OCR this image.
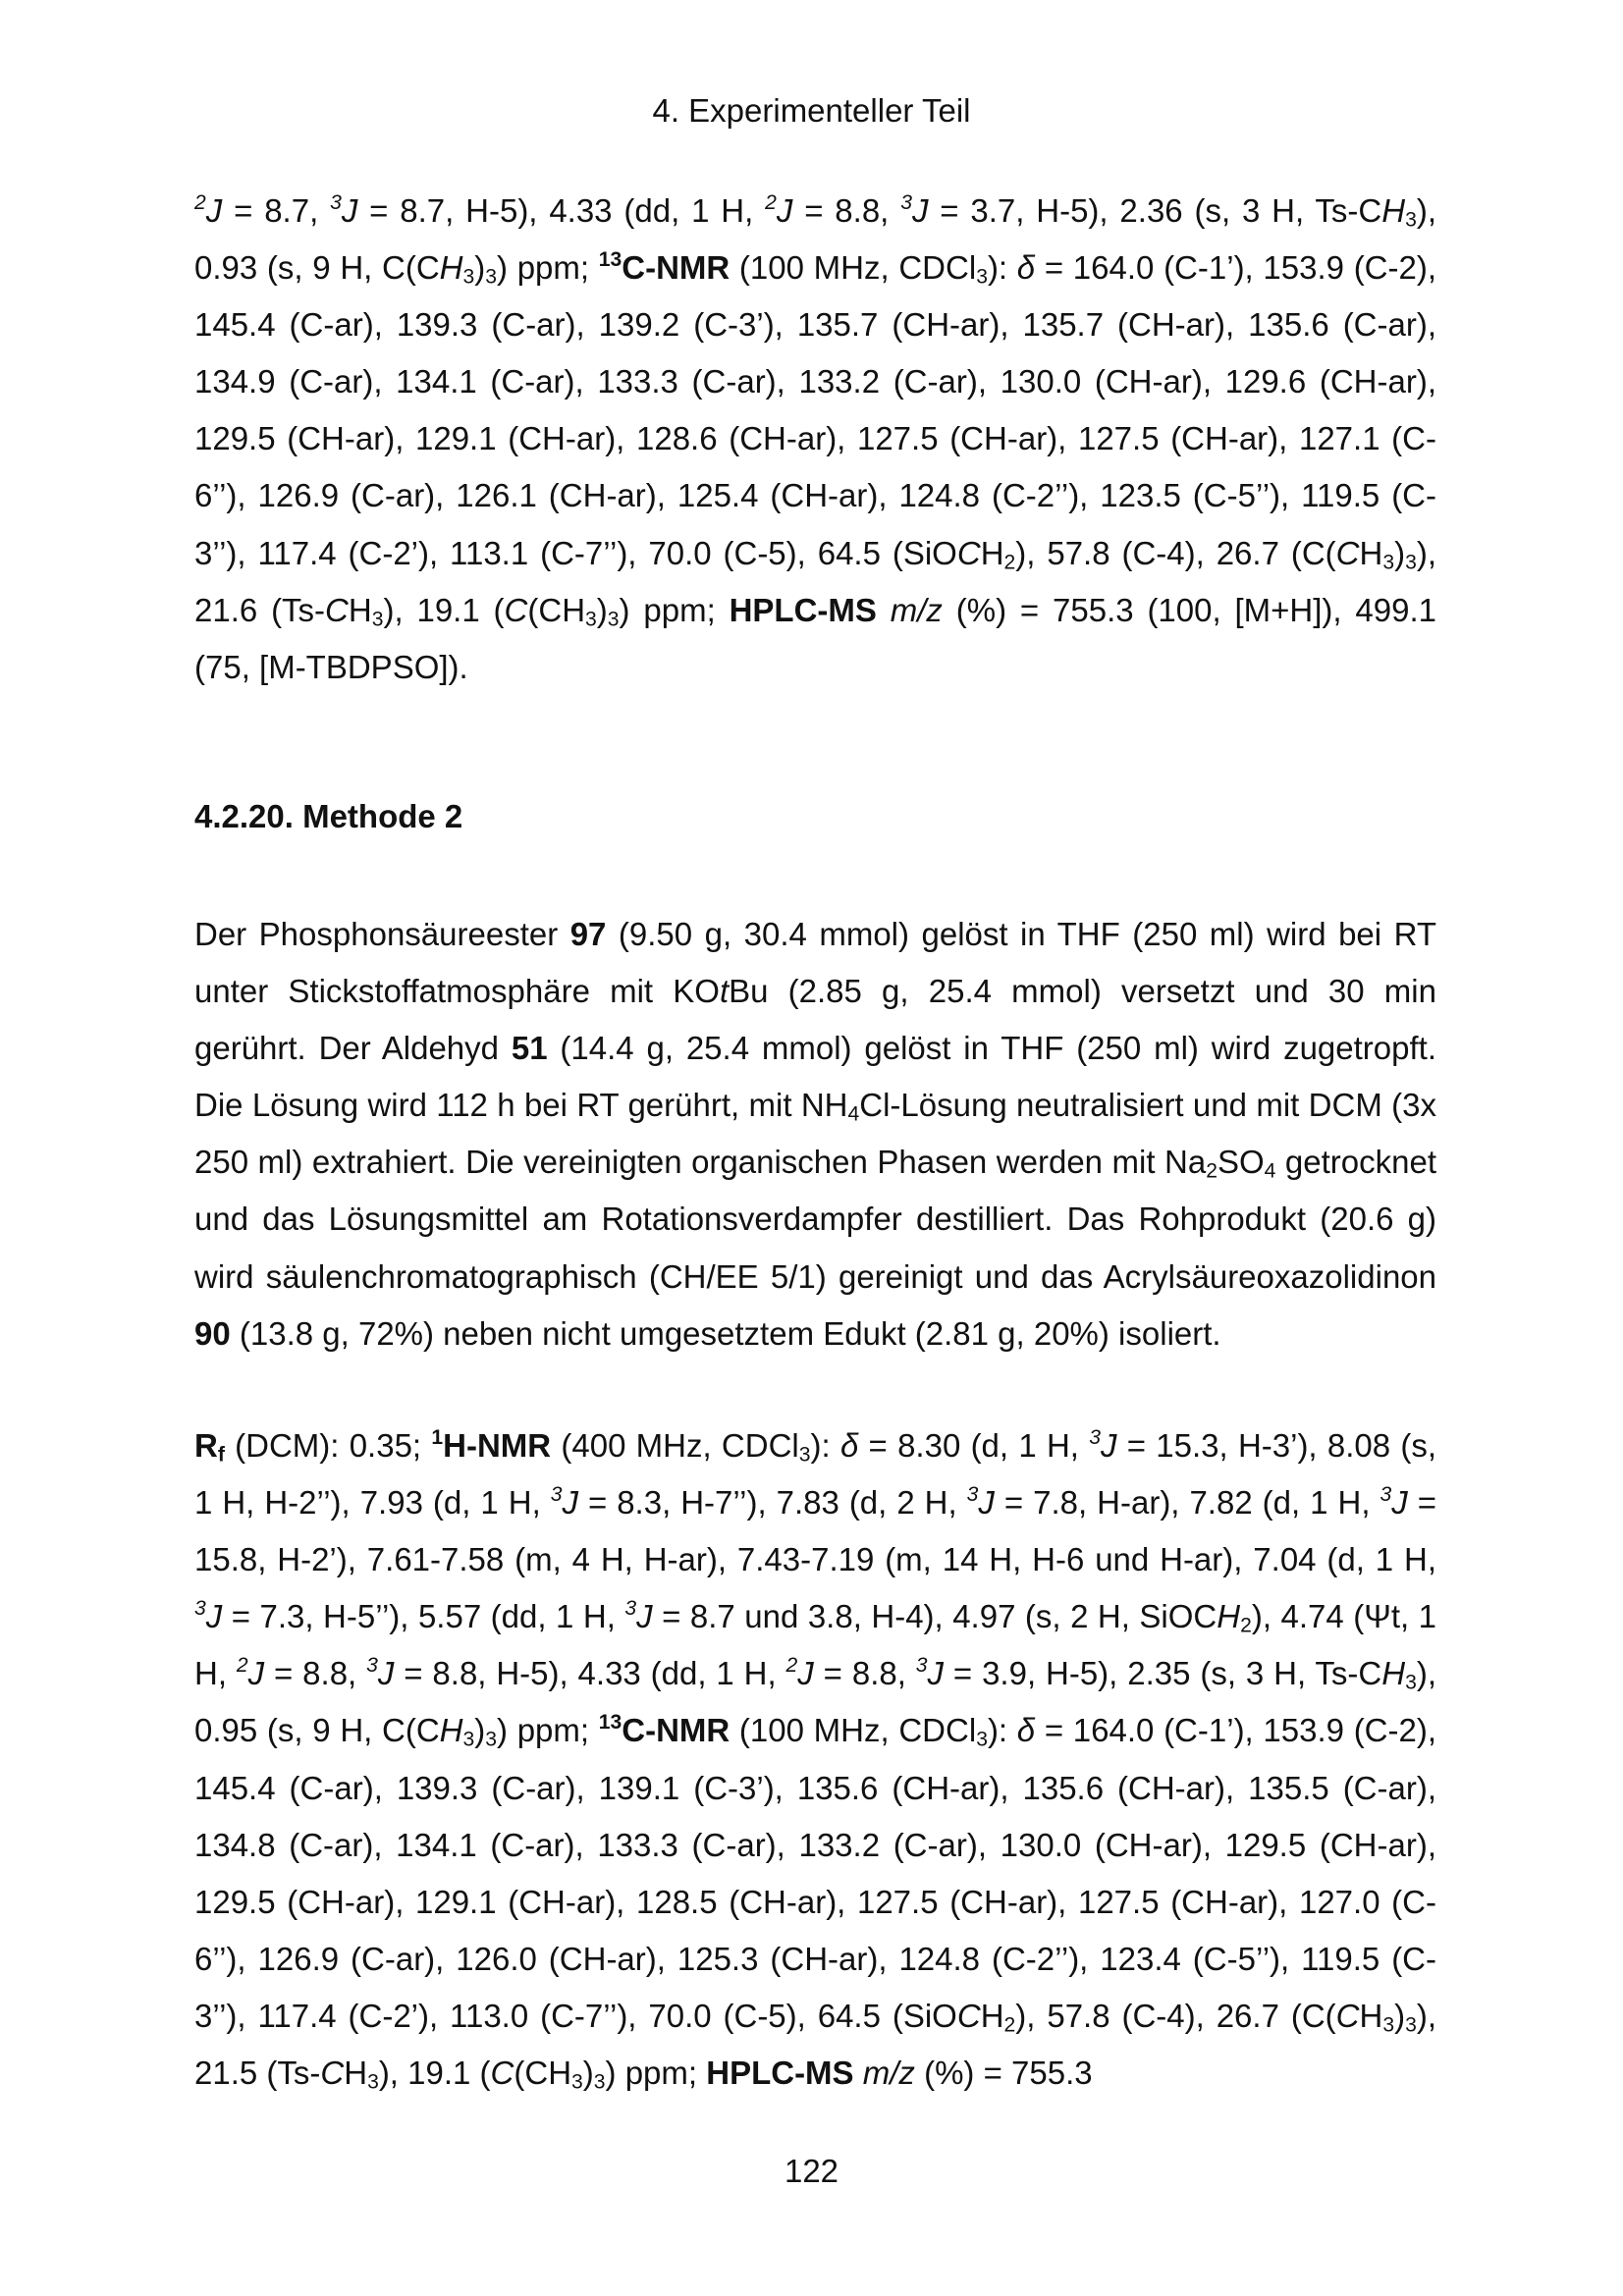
4. Experimenteller Teil

$^2$J = 8.7, $^3$J = 8.7, H-5), 4.33 (dd, 1 H, $^2$J = 8.8, $^3$J = 3.7, H-5), 2.36 (s, 3 H, $Ts-CH_3$), 0.93 (s, 9 H, $C(CH_3)_3$) ppm; $^{13}$C-NMR (100 MHz, CDCl$_3$): δ = 164.0 (C-1’), 153.9 (C-2), 145.4 (C-ar), 139.3 (C-ar), 139.2 (C-3’), 135.7 (CH-ar), 135.7 (CH-ar), 135.6 (C-ar), 134.9 (C-ar), 134.1 (C-ar), 133.3 (C-ar), 133.2 (C-ar), 130.0 (CH-ar), 129.6 (CH-ar), 129.5 (CH-ar), 129.1 (CH-ar), 128.6 (CH-ar), 127.5 (CH-ar), 127.5 (CH-ar), 127.1 (C-6’’), 126.9 (C-ar), 126.1 (CH-ar), 125.4 (CH-ar), 124.8 (C-2’’), 123.5 (C-5’’), 119.5 (C-3’’), 117.4 (C-2’), 113.1 (C-7’’), 70.0 (C-5), 64.5 (SiOCH$_2$), 57.8 (C-4), 26.7 $(C(CH_3)_3)$, 21.6 $(Ts-CH_3)$, 19.1 $(C(CH_3)_3)$ ppm; HPLC-MS m/z (%) = 755.3 (100, [M+H]), 499.1 (75, [M-TBDPSO]).

4.2.20. Methode 2

Der Phosphonsäureester 97 (9.50 g, 30.4 mmol) gelöst in THF (250 ml) wird bei RT unter Stickstoffatmosphäre mit KOtBu (2.85 g, 25.4 mmol) versetzt und 30 min gerührt. Der Aldehyd 51 (14.4 g, 25.4 mmol) gelöst in THF (250 ml) wird zugetropft. Die Lösung wird 112 h bei RT gerührt, mit $NH_4Cl$-Lösung neutralisiert und mit DCM (3x 250 ml) extrahiert. Die vereinigten organischen Phasen werden mit $Na_2SO_4$ getrocknet und das Lösungsmittel am Rotationsverdampfer destilliert. Das Rohprodukt (20.6 g) wird säulenchromatographisch (CH/EE 5/1) gereinigt und das Acrylsäureoxazolidinon 90 (13.8 g, 72%) neben nicht umgesetztem Edukt (2.81 g, 20%) isoliert.

$R_f$ (DCM): 0.35; $^1$H-NMR (400 MHz, CDCl$_3$): δ = 8.30 (d, 1 H, $^3$J = 15.3, H-3’), 8.08 (s, 1 H, H-2’’), 7.93 (d, 1 H, $^3$J = 8.3, H-7’’), 7.83 (d, 2 H, $^3$J = 7.8, H-ar), 7.82 (d, 1 H, $^3$J = 15.8, H-2’), 7.61-7.58 (m, 4 H, H-ar), 7.43-7.19 (m, 14 H, H-6 und H-ar), 7.04 (d, 1 H, $^3$J = 7.3, H-5’’), 5.57 (dd, 1 H, $^3$J = 8.7 und 3.8, H-4), 4.97 (s, 2 H, SiOCH$_2$), 4.74 (Ψt, 1 H, $^2$J = 8.8, $^3$J = 8.8, H-5), 4.33 (dd, 1 H, $^2$J = 8.8, $^3$J = 3.9, H-5), 2.35 (s, 3 H, $Ts-CH_3$), 0.95 (s, 9 H, $C(CH_3)_3$) ppm; $^{13}$C-NMR (100 MHz, CDCl$_3$): δ = 164.0 (C-1’), 153.9 (C-2), 145.4 (C-ar), 139.3 (C-ar), 139.1 (C-3’), 135.6 (CH-ar), 135.6 (CH-ar), 135.5 (C-ar), 134.8 (C-ar), 134.1 (C-ar), 133.3 (C-ar), 133.2 (C-ar), 130.0 (CH-ar), 129.5 (CH-ar), 129.5 (CH-ar), 129.1 (CH-ar), 128.5 (CH-ar), 127.5 (CH-ar), 127.5 (CH-ar), 127.0 (C-6’’), 126.9 (C-ar), 126.0 (CH-ar), 125.3 (CH-ar), 124.8 (C-2’’), 123.4 (C-5’’), 119.5 (C-3’’), 117.4 (C-2’), 113.0 (C-7’’), 70.0 (C-5), 64.5 (SiOCH$_2$), 57.8 (C-4), 26.7 $(C(CH_3)_3)$, 21.5 $(Ts-CH_3)$, 19.1 $(C(CH_3)_3)$ ppm; HPLC-MS m/z (%) = 755.3

122
